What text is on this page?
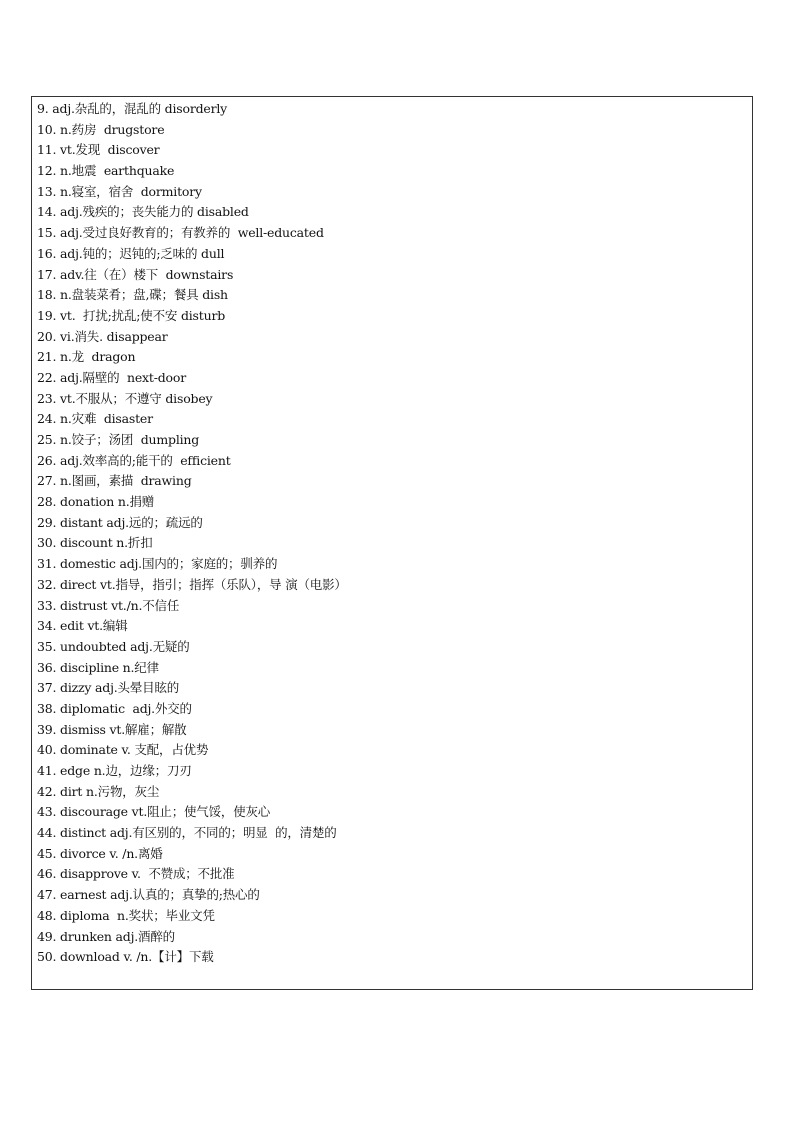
9. adj.杂乱的，混乱的 disorderly
10. n.药房  drugstore
11. vt.发现  discover
12. n.地震  earthquake
13. n.寝室，宿舍  dormitory
14. adj.残疾的；丧失能力的 disabled
15. adj.受过良好教育的；有教养的  well-educated
16. adj.钝的；迟钝的;乏味的 dull
17. adv.往（在）楼下  downstairs
18. n.盘装菜肴；盘,碟；餐具 dish
19. vt.  打扰;扰乱;使不安 disturb
20. vi.消失. disappear
21. n.龙  dragon
22. adj.隔壁的  next-door
23. vt.不服从；不遵守 disobey
24. n.灾难  disaster
25. n.饺子；汤团  dumpling
26. adj.效率高的;能干的  efficient
27. n.图画，素描  drawing
28. donation n.捐赠
29. distant adj.远的；疏远的
30. discount n.折扣
31. domestic adj.国内的；家庭的；驯养的
32. direct vt.指导，指引；指挥（乐队），导 演（电影）
33. distrust vt./n.不信任
34. edit vt.编辑
35. undoubted adj.无疑的
36. discipline n.纪律
37. dizzy adj.头晕目眩的
38. diplomatic  adj.外交的
39. dismiss vt.解雇；解散
40. dominate v. 支配，占优势
41. edge n.边，边缘；刀刃
42. dirt n.污物，灰尘
43. discourage vt.阻止；使气馁，使灰心
44. distinct adj.有区别的，不同的；明显  的，清楚的
45. divorce v. /n.离婚
46. disapprove v.  不赞成；不批准
47. earnest adj.认真的；真挚的;热心的
48. diploma  n.奖状；毕业文凭
49. drunken adj.酒醉的
50. download v. /n.【计】下载
